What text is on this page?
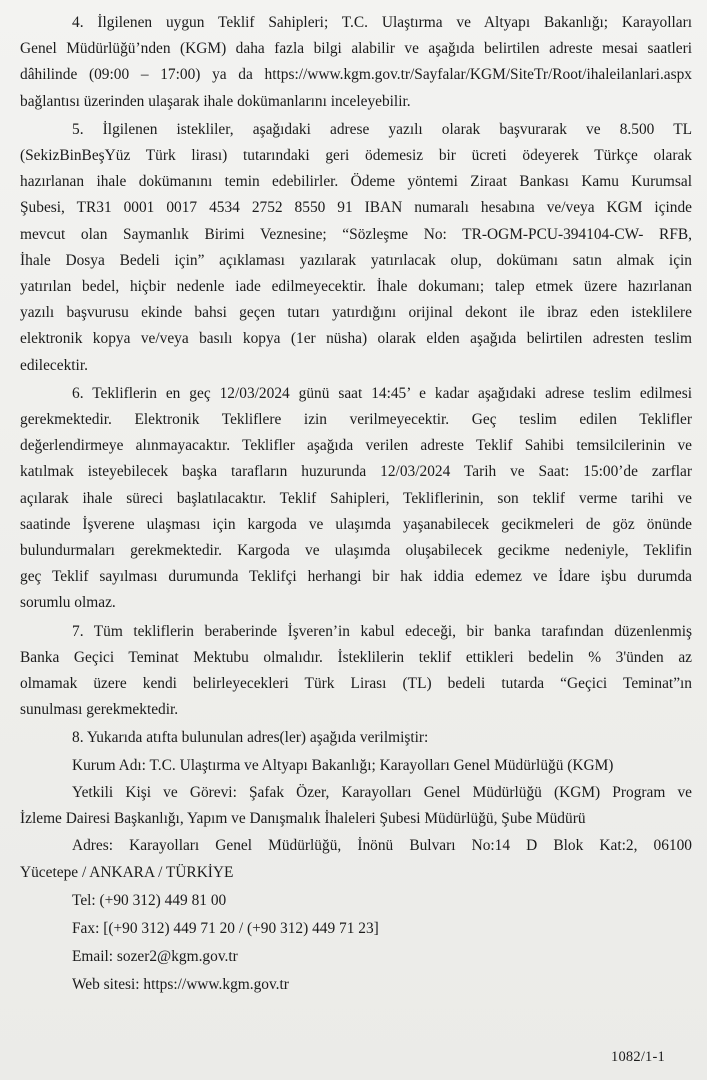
4. İlgilenen uygun Teklif Sahipleri; T.C. Ulaştırma ve Altyapı Bakanlığı; Karayolları
Genel Müdürlüğü’nden (KGM) daha fazla bilgi alabilir ve aşağıda belirtilen adreste mesai saatleri
dâhilinde (09:00 – 17:00) ya da https://www.kgm.gov.tr/Sayfalar/KGM/SiteTr/Root/ihaleilanlari.aspx
bağlantısı üzerinden ulaşarak ihale dokümanlarını inceleyebilir.
5. İlgilenen istekliler, aşağıdaki adrese yazılı olarak başvurarak ve 8.500 TL
(SekizBinBeşYüz Türk lirası) tutarındaki geri ödemesiz bir ücreti ödeyerek Türkçe olarak
hazırlanan ihale dokümanını temin edebilirler. Ödeme yöntemi Ziraat Bankası Kamu Kurumsal
Şubesi, TR31 0001 0017 4534 2752 8550 91 IBAN numaralı hesabına ve/veya KGM içinde
mevcut olan Saymanlık Birimi Veznesine; “Sözleşme No: TR-OGM-PCU-394104-CW- RFB,
İhale Dosya Bedeli için” açıklaması yazılarak yatırılacak olup, dokümanı satın almak için
yatırılan bedel, hiçbir nedenle iade edilmeyecektir. İhale dokumanı; talep etmek üzere hazırlanan
yazılı başvurusu ekinde bahsi geçen tutarı yatırdığını orijinal dekont ile ibraz eden isteklilere
elektronik kopya ve/veya basılı kopya (1er nüsha) olarak elden aşağıda belirtilen adresten teslim
edilecektir.
6. Tekliflerin en geç 12/03/2024 günü saat 14:45’ e kadar aşağıdaki adrese teslim edilmesi
gerekmektedir. Elektronik Tekliflere izin verilmeyecektir. Geç teslim edilen Teklifler
değerlendirmeye alınmayacaktır. Teklifler aşağıda verilen adreste Teklif Sahibi temsilcilerinin ve
katılmak isteyebilecek başka tarafların huzurunda 12/03/2024 Tarih ve Saat: 15:00’de zarflar
açılarak ihale süreci başlatılacaktır. Teklif Sahipleri, Tekliflerinin, son teklif verme tarihi ve
saatinde İşverene ulaşması için kargoda ve ulaşımda yaşanabilecek gecikmeleri de göz önünde
bulundurmaları gerekmektedir. Kargoda ve ulaşımda oluşabilecek gecikme nedeniyle, Teklifin
geç Teklif sayılması durumunda Teklifçi herhangi bir hak iddia edemez ve İdare işbu durumda
sorumlu olmaz.
7. Tüm tekliflerin beraberinde İşveren’in kabul edeceği, bir banka tarafından düzenlenmiş
Banka Geçici Teminat Mektubu olmalıdır. İsteklilerin teklif ettikleri bedelin % 3'ünden az
olmamak üzere kendi belirleyecekleri Türk Lirası (TL) bedeli tutarda “Geçici Teminat”ın
sunulması gerekmektedir.
8. Yukarıda atıfta bulunulan adres(ler) aşağıda verilmiştir:
Kurum Adı: T.C. Ulaştırma ve Altyapı Bakanlığı; Karayolları Genel Müdürlüğü (KGM)
Yetkili Kişi ve Görevi: Şafak Özer, Karayolları Genel Müdürlüğü (KGM) Program ve
İzleme Dairesi Başkanlığı, Yapım ve Danışmalık İhaleleri Şubesi Müdürlüğü, Şube Müdürü
Adres: Karayolları Genel Müdürlüğü, İnönü Bulvarı No:14 D Blok Kat:2, 06100
Yücetepe / ANKARA / TÜRKİYE
Tel: (+90 312) 449 81 00
Fax: [(+90 312) 449 71 20 / (+90 312) 449 71 23]
Email: sozer2@kgm.gov.tr
Web sitesi: https://www.kgm.gov.tr
1082/1-1
